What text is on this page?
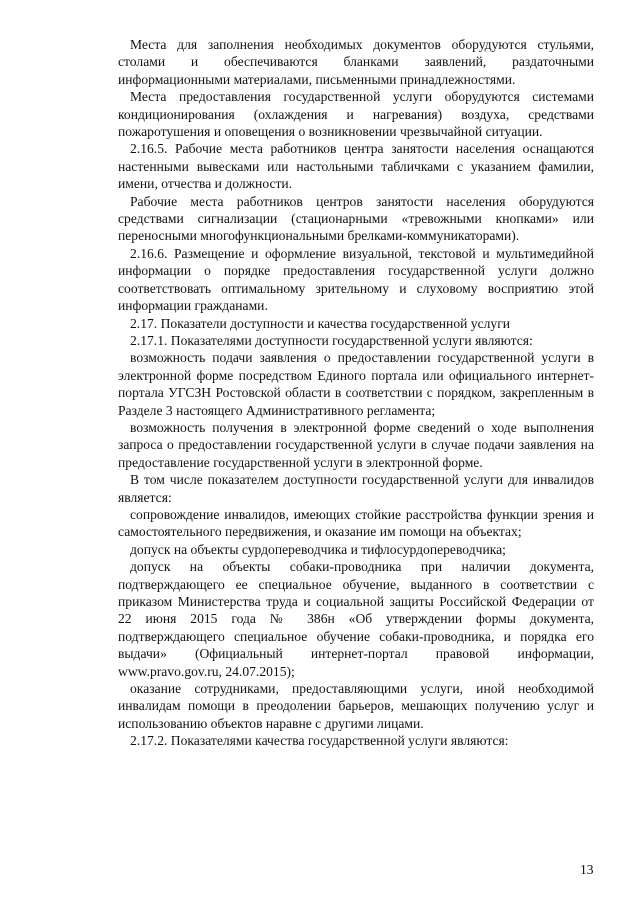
Места для заполнения необходимых документов оборудуются стульями, столами и обеспечиваются бланками заявлений, раздаточными информационными материалами, письменными принадлежностями.

Места предоставления государственной услуги оборудуются системами кондиционирования (охлаждения и нагревания) воздуха, средствами пожаротушения и оповещения о возникновении чрезвычайной ситуации.

2.16.5. Рабочие места работников центра занятости населения оснащаются настенными вывесками или настольными табличками с указанием фамилии, имени, отчества и должности.

Рабочие места работников центров занятости населения оборудуются средствами сигнализации (стационарными «тревожными кнопками» или переносными многофункциональными брелками-коммуникаторами).

2.16.6. Размещение и оформление визуальной, текстовой и мультимедийной информации о порядке предоставления государственной услуги должно соответствовать оптимальному зрительному и слуховому восприятию этой информации гражданами.

2.17. Показатели доступности и качества государственной услуги

2.17.1. Показателями доступности государственной услуги являются:

возможность подачи заявления о предоставлении государственной услуги в электронной форме посредством Единого портала или официального интернет-портала УГСЗН Ростовской области в соответствии с порядком, закрепленным в Разделе 3 настоящего Административного регламента;

возможность получения в электронной форме сведений о ходе выполнения запроса о предоставлении государственной услуги в случае подачи заявления на предоставление государственной услуги в электронной форме.

В том числе показателем доступности государственной услуги для инвалидов является:

сопровождение инвалидов, имеющих стойкие расстройства функции зрения и самостоятельного передвижения, и оказание им помощи на объектах;

допуск на объекты сурдопереводчика и тифлосурдопереводчика;

допуск на объекты собаки-проводника при наличии документа, подтверждающего ее специальное обучение, выданного в соответствии с приказом Министерства труда и социальной защиты Российской Федерации от 22 июня 2015 года № 386н «Об утверждении формы документа, подтверждающего специальное обучение собаки-проводника, и порядка его выдачи» (Официальный интернет-портал правовой информации, www.pravo.gov.ru, 24.07.2015);

оказание сотрудниками, предоставляющими услуги, иной необходимой инвалидам помощи в преодолении барьеров, мешающих получению услуг и использованию объектов наравне с другими лицами.

2.17.2. Показателями качества государственной услуги являются:

13
